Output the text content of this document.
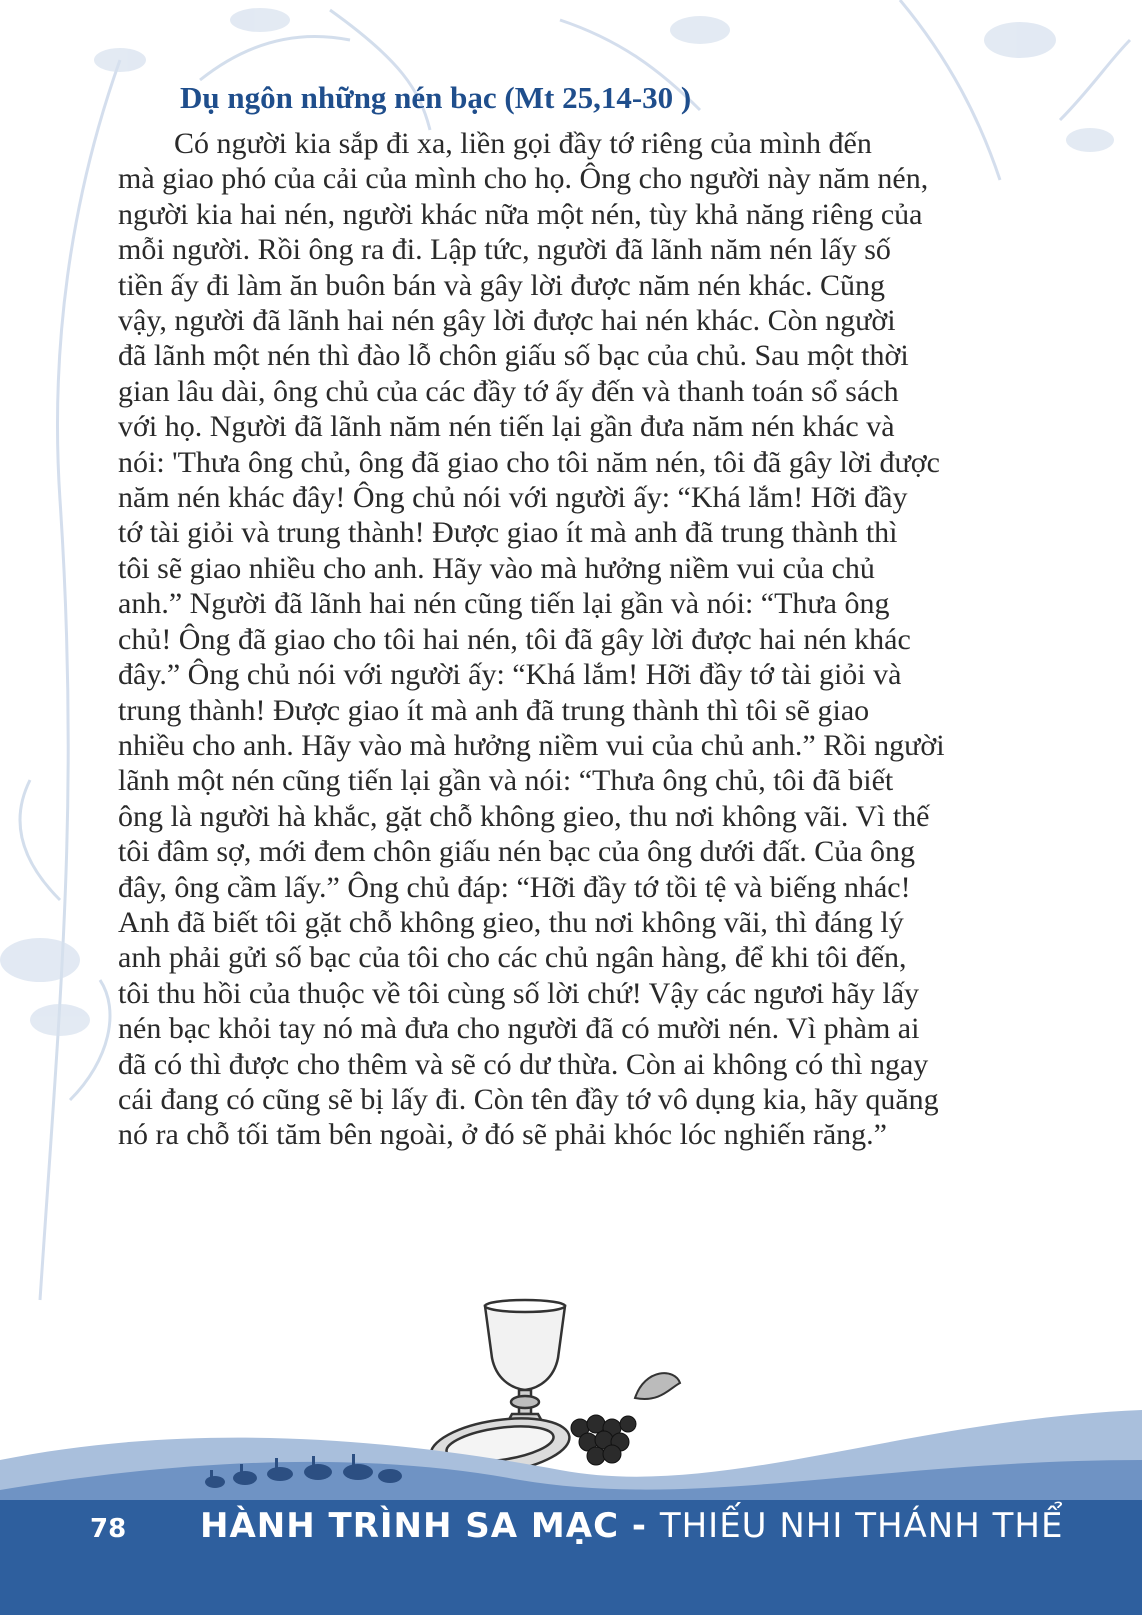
Dụ ngôn những nén bạc (Mt 25,14-30 )

Có người kia sắp đi xa, liền gọi đầy tớ riêng của mình đến
mà giao phó của cải của mình cho họ. Ông cho người này năm nén,
người kia hai nén, người khác nữa một nén, tùy khả năng riêng của
mỗi người. Rồi ông ra đi. Lập tức, người đã lãnh năm nén lấy số
tiền ấy đi làm ăn buôn bán và gây lời được năm nén khác. Cũng
vậy, người đã lãnh hai nén gây lời được hai nén khác. Còn người
đã lãnh một nén thì đào lỗ chôn giấu số bạc của chủ. Sau một thời
gian lâu dài, ông chủ của các đầy tớ ấy đến và thanh toán sổ sách
với họ. Người đã lãnh năm nén tiến lại gần đưa năm nén khác và
nói: 'Thưa ông chủ, ông đã giao cho tôi năm nén, tôi đã gây lời được
năm nén khác đây! Ông chủ nói với người ấy: “Khá lắm! Hỡi đầy
tớ tài giỏi và trung thành! Được giao ít mà anh đã trung thành thì
tôi sẽ giao nhiều cho anh. Hãy vào mà hưởng niềm vui của chủ
anh.” Người đã lãnh hai nén cũng tiến lại gần và nói: “Thưa ông
chủ! Ông đã giao cho tôi hai nén, tôi đã gây lời được hai nén khác
đây.” Ông chủ nói với người ấy: “Khá lắm! Hỡi đầy tớ tài giỏi và
trung thành! Được giao ít mà anh đã trung thành thì tôi sẽ giao
nhiều cho anh. Hãy vào mà hưởng niềm vui của chủ anh.” Rồi người
lãnh một nén cũng tiến lại gần và nói: “Thưa ông chủ, tôi đã biết
ông là người hà khắc, gặt chỗ không gieo, thu nơi không vãi. Vì thế
tôi đâm sợ, mới đem chôn giấu nén bạc của ông dưới đất. Của ông
đây, ông cầm lấy.” Ông chủ đáp: “Hỡi đầy tớ tồi tệ và biếng nhác!
Anh đã biết tôi gặt chỗ không gieo, thu nơi không vãi, thì đáng lý
anh phải gửi số bạc của tôi cho các chủ ngân hàng, để khi tôi đến,
tôi thu hồi của thuộc về tôi cùng số lời chứ! Vậy các ngươi hãy lấy
nén bạc khỏi tay nó mà đưa cho người đã có mười nén. Vì phàm ai
đã có thì được cho thêm và sẽ có dư thừa. Còn ai không có thì ngay
cái đang có cũng sẽ bị lấy đi. Còn tên đầy tớ vô dụng kia, hãy quăng
nó ra chỗ tối tăm bên ngoài, ở đó sẽ phải khóc lóc nghiến răng.”

78 HÀNH TRÌNH SA MẠC - THIẾU NHI THÁNH THỂ
